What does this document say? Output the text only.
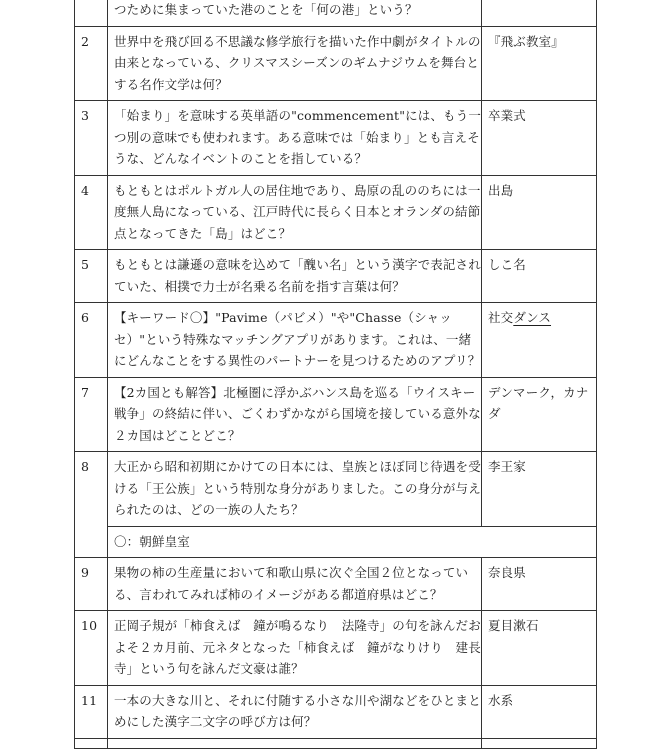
	つために集まっていた港のことを「何の港」という？	
2	世界中を飛び回る不思議な修学旅行を描いた作中劇がタイトルの由来となっている、クリスマスシーズンのギムナジウムを舞台とする名作文学は何？	『飛ぶ教室』
3	「始まり」を意味する英単語の"commencement"には、もう一つ別の意味でも使われます。ある意味では「始まり」とも言えそうな、どんなイベントのことを指している？	卒業式
4	もともとはポルトガル人の居住地であり、島原の乱ののちには一度無人島になっている、江戸時代に長らく日本とオランダの結節点となってきた「島」はどこ？	出島
5	もともとは謙遜の意味を込めて「醜い名」という漢字で表記されていた、相撲で力士が名乗る名前を指す言葉は何？	しこ名
6	【キーワード〇】"Pavime（パビメ）"や"Chasse（シャッセ）"という特殊なマッチングアプリがあります。これは、一緒にどんなことをする異性のパートナーを見つけるためのアプリ？	社交ダンス
7	【2カ国とも解答】北極圏に浮かぶハンス島を巡る「ウイスキー戦争」の終結に伴い、ごくわずかながら国境を接している意外な２カ国はどことどこ？	デンマーク，カナダ
8	大正から昭和初期にかけての日本には、皇族とほぼ同じ待遇を受ける「王公族」という特別な身分がありました。この身分が与えられたのは、どの一族の人たち？	李王家
	〇：朝鮮皇室	
9	果物の柿の生産量において和歌山県に次ぐ全国２位となっている、言われてみれば柿のイメージがある都道府県はどこ？	奈良県
10	正岡子規が「柿食えば　鐘が鳴るなり　法隆寺」の句を詠んだおよそ２カ月前、元ネタとなった「柿食えば　鐘がなりけり　建長寺」という句を詠んだ文豪は誰？	夏目漱石
11	一本の大きな川と、それに付随する小さな川や湖などをひとまとめにした漢字二文字の呼び方は何？	水系
